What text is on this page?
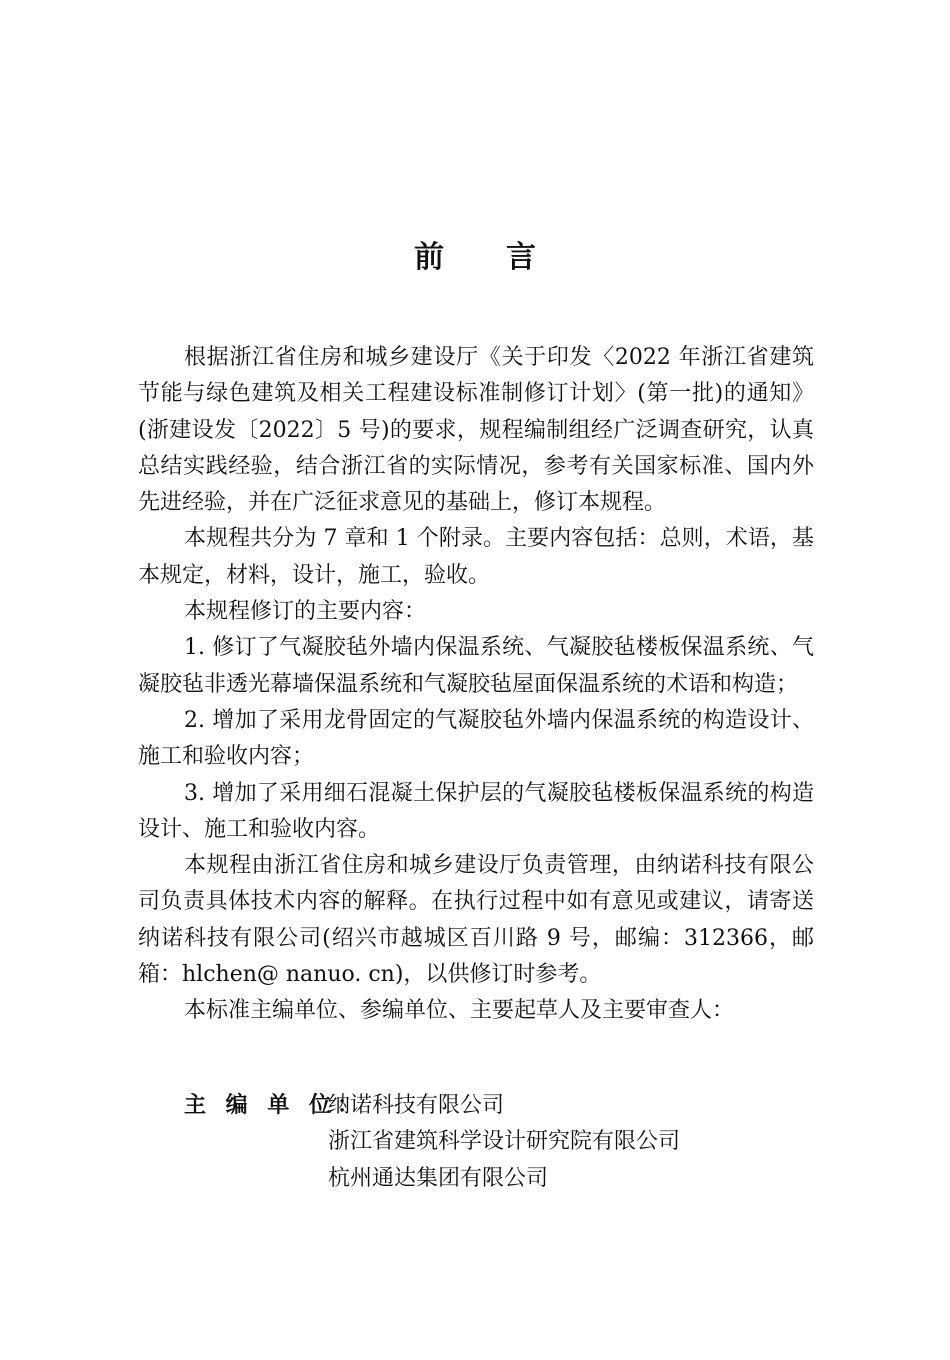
前 言

根据浙江省住房和城乡建设厅《关于印发〈2022 年浙江省建筑节能与绿色建筑及相关工程建设标准制修订计划〉(第一批)的通知》(浙建设发〔2022〕5 号)的要求，规程编制组经广泛调查研究，认真总结实践经验，结合浙江省的实际情况，参考有关国家标准、国内外先进经验，并在广泛征求意见的基础上，修订本规程。

本规程共分为 7 章和 1 个附录。主要内容包括：总则，术语，基本规定，材料，设计，施工，验收。

本规程修订的主要内容：

1. 修订了气凝胶毡外墙内保温系统、气凝胶毡楼板保温系统、气凝胶毡非透光幕墙保温系统和气凝胶毡屋面保温系统的术语和构造；

2. 增加了采用龙骨固定的气凝胶毡外墙内保温系统的构造设计、施工和验收内容；

3. 增加了采用细石混凝土保护层的气凝胶毡楼板保温系统的构造设计、施工和验收内容。

本规程由浙江省住房和城乡建设厅负责管理，由纳诺科技有限公司负责具体技术内容的解释。在执行过程中如有意见或建议，请寄送纳诺科技有限公司(绍兴市越城区百川路 9 号，邮编：312366，邮箱：hlchen@ nanuo. cn)，以供修订时参考。

本标准主编单位、参编单位、主要起草人及主要审查人：

主 编 单 位：
纳诺科技有限公司
浙江省建筑科学设计研究院有限公司
杭州通达集团有限公司
